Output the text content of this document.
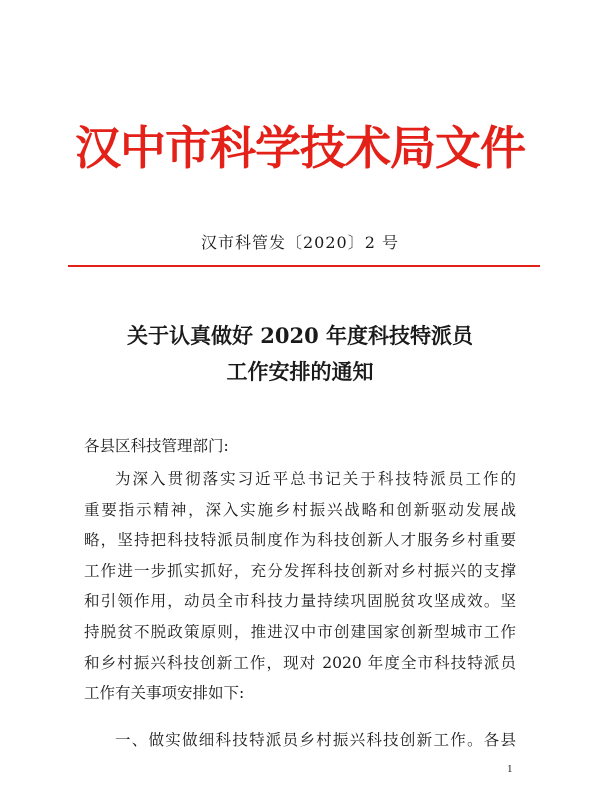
汉中市科学技术局文件
汉市科管发〔2020〕2 号
关于认真做好 2020 年度科技特派员
工作安排的通知
各县区科技管理部门:
为深入贯彻落实习近平总书记关于科技特派员工作的
重要指示精神，深入实施乡村振兴战略和创新驱动发展战
略，坚持把科技特派员制度作为科技创新人才服务乡村重要
工作进一步抓实抓好，充分发挥科技创新对乡村振兴的支撑
和引领作用，动员全市科技力量持续巩固脱贫攻坚成效。坚
持脱贫不脱政策原则，推进汉中市创建国家创新型城市工作
和乡村振兴科技创新工作，现对 2020 年度全市科技特派员
工作有关事项安排如下:
一、做实做细科技特派员乡村振兴科技创新工作。各县
1
